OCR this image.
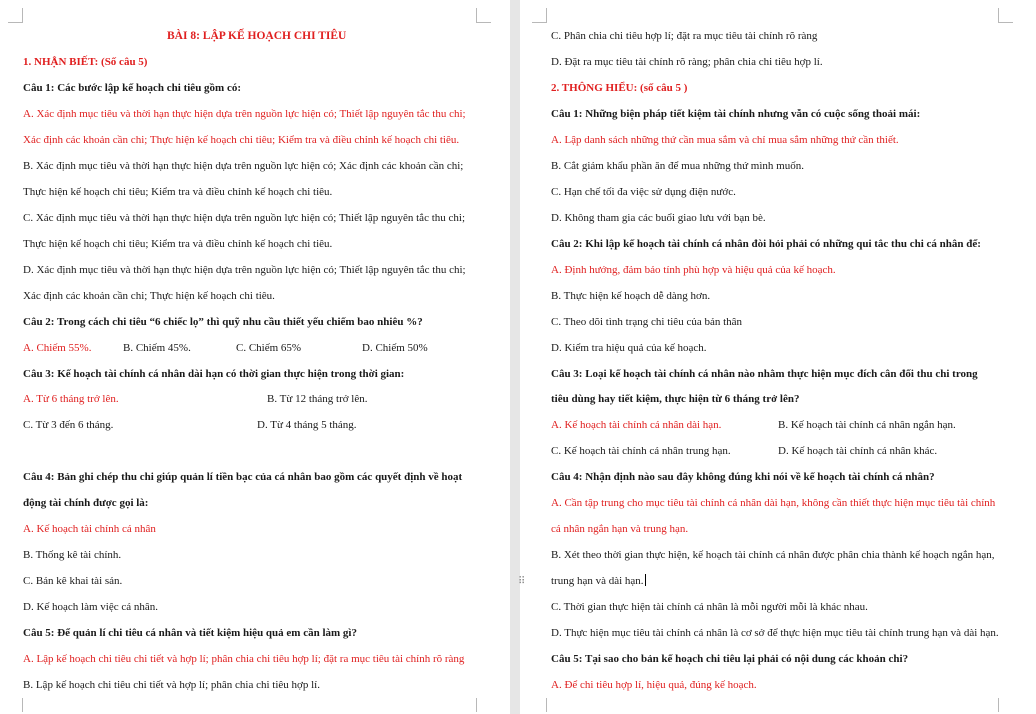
BÀI 8: LẬP KẾ HOẠCH CHI TIÊU
1. NHẬN BIẾT: (Số câu 5)
Câu 1: Các bước lập kế hoạch chi tiêu gồm có:
A. Xác định mục tiêu và thời hạn thực hiện dựa trên nguồn lực hiện có; Thiết lập nguyên tắc thu chi;
Xác định các khoản cần chi; Thực hiện kế hoạch chi tiêu; Kiểm tra và điều chỉnh kế hoạch chi tiêu.
B. Xác định mục tiêu và thời hạn thực hiện dựa trên nguồn lực hiện có; Xác định các khoản cần chi;
Thực hiện kế hoạch chi tiêu; Kiểm tra và điều chỉnh kế hoạch chi tiêu.
C. Xác định mục tiêu và thời hạn thực hiện dựa trên nguồn lực hiện có; Thiết lập nguyên tắc thu chi;
Thực hiện kế hoạch chi tiêu; Kiểm tra và điều chỉnh kế hoạch chi tiêu.
D. Xác định mục tiêu và thời hạn thực hiện dựa trên nguồn lực hiện có; Thiết lập nguyên tắc thu chi;
Xác định các khoản cần chi; Thực hiện kế hoạch chi tiêu.
Câu 2: Trong cách chi tiêu “6 chiếc lọ” thì quỹ nhu cầu thiết yếu chiếm bao nhiêu %?
A. Chiếm 55%.	B. Chiếm 45%.	C. Chiếm 65%	D. Chiếm 50%
Câu 3: Kế hoạch tài chính cá nhân dài hạn có thời gian thực hiện trong thời gian:
A. Từ 6 tháng trở lên.	B. Từ 12 tháng trở lên.
C. Từ 3 đến 6 tháng.	D. Từ 4 tháng 5 tháng.
Câu 4: Bản ghi chép thu chi giúp quản lí tiền bạc của cá nhân bao gồm các quyết định về hoạt
động tài chính được gọi là:
A. Kế hoạch tài chính cá nhân
B. Thống kê tài chính.
C. Bản kê khai tài sản.
D. Kế hoạch làm việc cá nhân.
Câu 5: Để quản lí chi tiêu cá nhân và tiết kiệm hiệu quả em cần làm gì?
A. Lập kế hoạch chi tiêu chi tiết và hợp lí; phân chia chi tiêu hợp lí; đặt ra mục tiêu tài chính rõ ràng
B. Lập kế hoạch chi tiêu chi tiết và hợp lí; phân chia chi tiêu hợp lí.
C. Phân chia chi tiêu hợp lí; đặt ra mục tiêu tài chính rõ ràng
D. Đặt ra mục tiêu tài chính rõ ràng; phân chia chi tiêu hợp lí.
2. THÔNG HIỂU: (số câu 5 )
Câu 1: Những biện pháp tiết kiệm tài chính nhưng vẫn có cuộc sống thoải mái:
A. Lập danh sách những thứ cần mua sắm và chỉ mua sắm những thứ cần thiết.
B. Cắt giảm khẩu phần ăn để mua những thứ mình muốn.
C. Hạn chế tối đa việc sử dụng điện nước.
D. Không tham gia các buổi giao lưu với bạn bè.
Câu 2: Khi lập kế hoạch tài chính cá nhân đòi hỏi phải có những qui tắc thu chi cá nhân để:
A. Định hướng, đảm bảo tính phù hợp và hiệu quả của kế hoạch.
B. Thực hiện kế hoạch dễ dàng hơn.
C. Theo dõi tình trạng chi tiêu của bản thân
D. Kiểm tra hiệu quả của kế hoạch.
Câu 3: Loại kế hoạch tài chính cá nhân nào nhằm thực hiện mục đích cân đối thu chi trong
tiêu dùng hay tiết kiệm, thực hiện từ 6 tháng trở lên?
A. Kế hoạch tài chính cá nhân dài hạn.	B. Kế hoạch tài chính cá nhân ngắn hạn.
C. Kế hoạch tài chính cá nhân trung hạn.	D. Kế hoạch tài chính cá nhân khác.
Câu 4: Nhận định nào sau đây không đúng khi nói về kế hoạch tài chính cá nhân?
A. Cần tập trung cho mục tiêu tài chính cá nhân dài hạn, không cần thiết thực hiện mục tiêu tài chính
cá nhân ngắn hạn và trung hạn.
B. Xét theo thời gian thực hiện, kế hoạch tài chính cá nhân được phân chia thành kế hoạch ngắn hạn,
trung hạn và dài hạn.
C. Thời gian thực hiện tài chính cá nhân là mỗi người mỗi là khác nhau.
D. Thực hiện mục tiêu tài chính cá nhân là cơ sở để thực hiện mục tiêu tài chính trung hạn và dài hạn.
Câu 5: Tại sao cho bản kế hoạch chi tiêu lại phải có nội dung các khoản chi?
A. Để chi tiêu hợp lí, hiệu quả, đúng kế hoạch.
⠿
